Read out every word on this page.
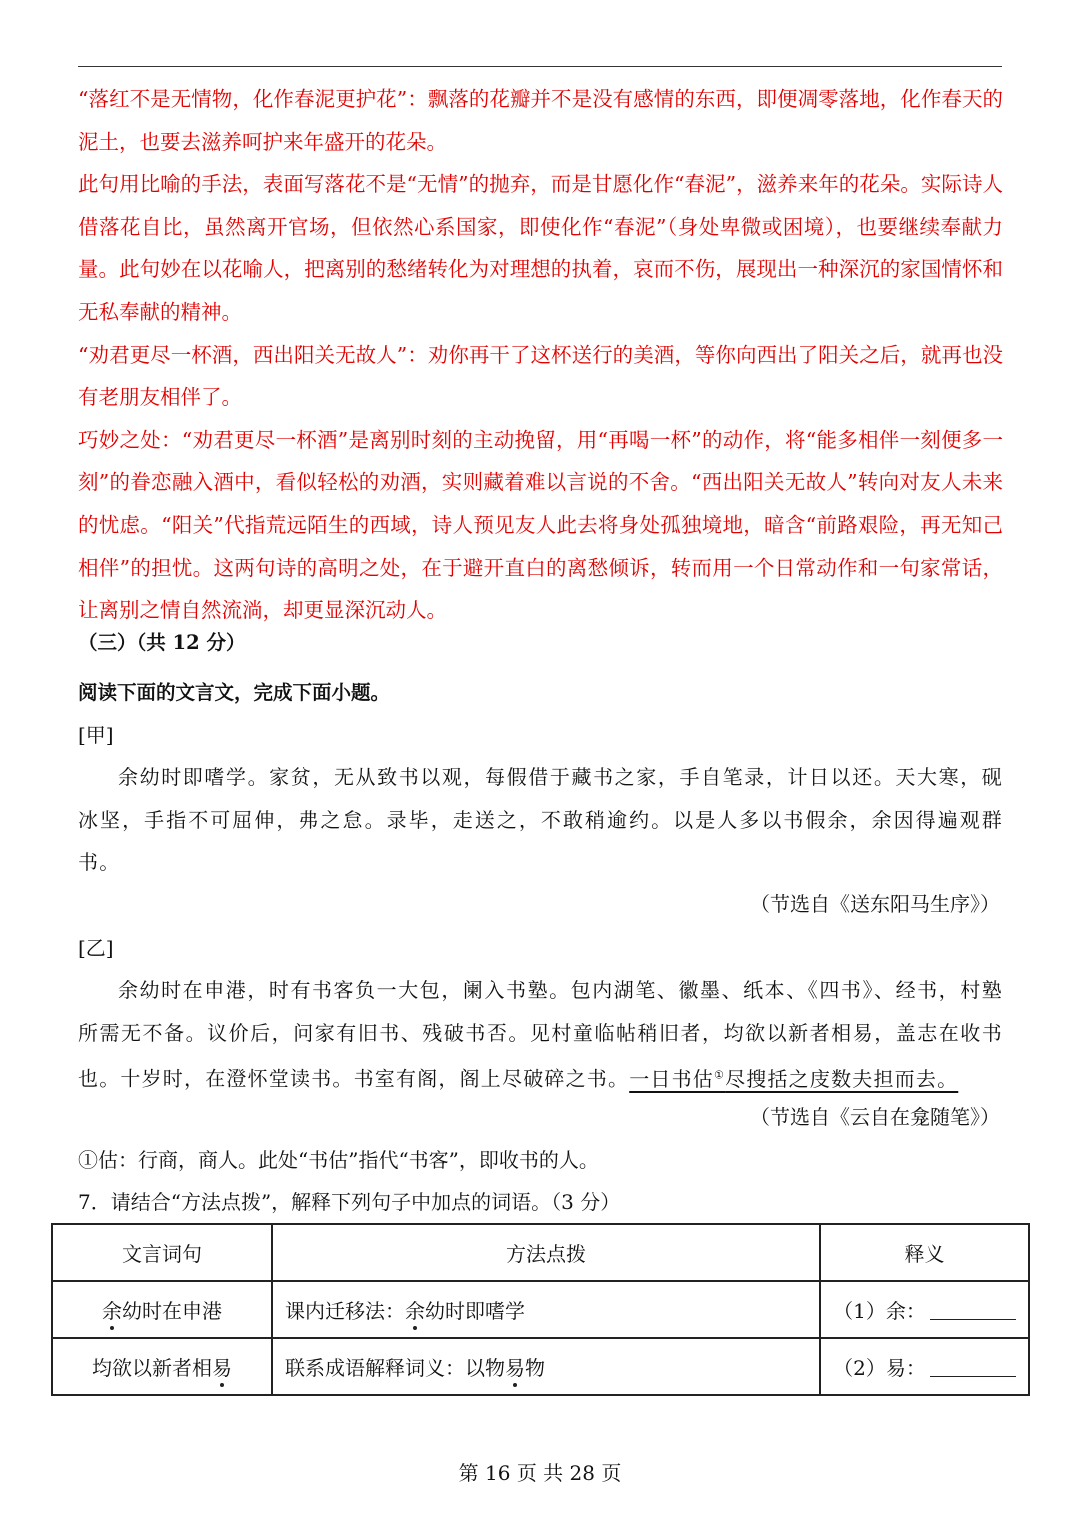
“落红不是无情物，化作春泥更护花”：飘落的花瓣并不是没有感情的东西，即便凋零落地，化作春天的泥土，也要去滋养呵护来年盛开的花朵。

此句用比喻的手法，表面写落花不是“无情”的抛弃，而是甘愿化作“春泥”，滋养来年的花朵。实际诗人借落花自比，虽然离开官场，但依然心系国家，即使化作“春泥”（身处卑微或困境），也要继续奉献力量。此句妙在以花喻人，把离别的愁绪转化为对理想的执着，哀而不伤，展现出一种深沉的家国情怀和无私奉献的精神。

“劝君更尽一杯酒，西出阳关无故人”：劝你再干了这杯送行的美酒，等你向西出了阳关之后，就再也没有老朋友相伴了。

巧妙之处：“劝君更尽一杯酒”是离别时刻的主动挽留，用“再喝一杯”的动作，将“能多相伴一刻便多一刻”的眷恋融入酒中，看似轻松的劝酒，实则藏着难以言说的不舍。“西出阳关无故人”转向对友人未来的忧虑。“阳关”代指荒远陌生的西域，诗人预见友人此去将身处孤独境地，暗含“前路艰险，再无知己相伴”的担忧。这两句诗的高明之处，在于避开直白的离愁倾诉，转而用一个日常动作和一句家常话，让离别之情自然流淌，却更显深沉动人。

（三）（共 12 分）
阅读下面的文言文，完成下面小题。
[甲]

余幼时即嗜学。家贫，无从致书以观，每假借于藏书之家，手自笔录，计日以还。天大寒，砚冰坚，手指不可屈伸，弗之怠。录毕，走送之，不敢稍逾约。以是人多以书假余，余因得遍观群书。

（节选自《送东阳马生序》）
[乙]

余幼时在申港，时有书客负一大包，阑入书塾。包内湖笔、徽墨、纸本、《四书》、经书，村塾所需无不备。议价后，问家有旧书、残破书否。见村童临帖稍旧者，均欲以新者相易，盖志在收书也。十岁时，在澄怀堂读书。书室有阁，阁上尽破碎之书。一日书估①尽搜括之庋数夫担而去。

（节选自《云自在龛随笔》）
①估：行商，商人。此处“书估”指代“书客”，即收书的人。
7．请结合“方法点拨”，解释下列句子中加点的词语。（3 分）
文言词句	方法点拨	释义
余幼时在申港	课内迁移法：余幼时即嗜学	（1）余：
均欲以新者相易	联系成语解释词义：以物易物	（2）易：
第 16 页 共 28 页
